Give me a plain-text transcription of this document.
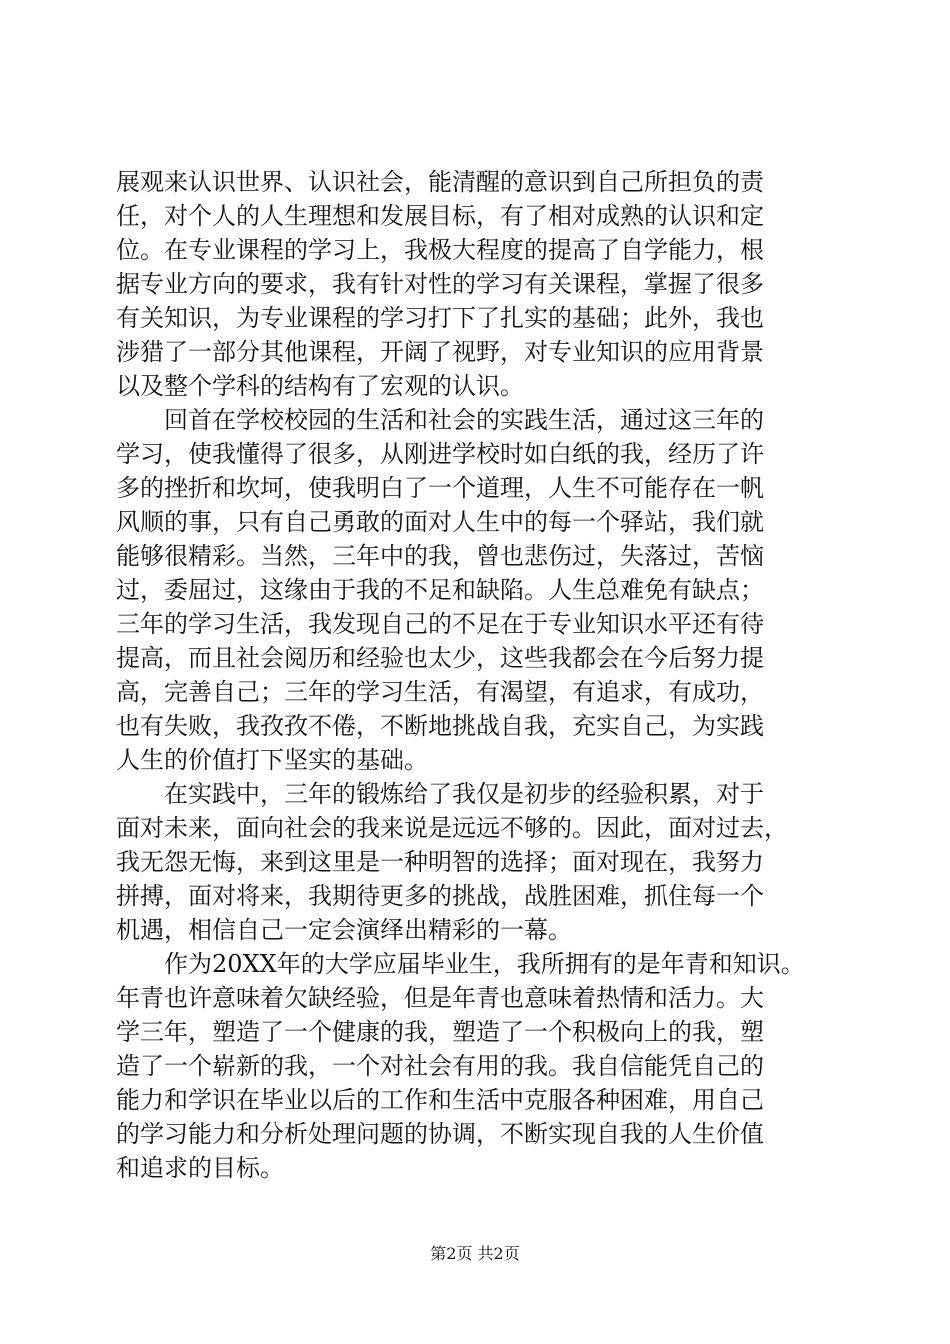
展观来认识世界、认识社会，能清醒的意识到自己所担负的责
任，对个人的人生理想和发展目标，有了相对成熟的认识和定
位。在专业课程的学习上，我极大程度的提高了自学能力，根
据专业方向的要求，我有针对性的学习有关课程，掌握了很多
有关知识，为专业课程的学习打下了扎实的基础；此外，我也
涉猎了一部分其他课程，开阔了视野，对专业知识的应用背景
以及整个学科的结构有了宏观的认识。
回首在学校校园的生活和社会的实践生活，通过这三年的
学习，使我懂得了很多，从刚进学校时如白纸的我，经历了许
多的挫折和坎坷，使我明白了一个道理，人生不可能存在一帆
风顺的事，只有自己勇敢的面对人生中的每一个驿站，我们就
能够很精彩。当然，三年中的我，曾也悲伤过，失落过，苦恼
过，委屈过，这缘由于我的不足和缺陷。人生总难免有缺点；
三年的学习生活，我发现自己的不足在于专业知识水平还有待
提高，而且社会阅历和经验也太少，这些我都会在今后努力提
高，完善自己；三年的学习生活，有渴望，有追求，有成功，
也有失败，我孜孜不倦，不断地挑战自我，充实自己，为实践
人生的价值打下坚实的基础。
在实践中，三年的锻炼给了我仅是初步的经验积累，对于
面对未来，面向社会的我来说是远远不够的。因此，面对过去，
我无怨无悔，来到这里是一种明智的选择；面对现在，我努力
拼搏，面对将来，我期待更多的挑战，战胜困难，抓住每一个
机遇，相信自己一定会演绎出精彩的一幕。
作为20XX年的大学应届毕业生，我所拥有的是年青和知识。
年青也许意味着欠缺经验，但是年青也意味着热情和活力。大
学三年，塑造了一个健康的我，塑造了一个积极向上的我，塑
造了一个崭新的我，一个对社会有用的我。我自信能凭自己的
能力和学识在毕业以后的工作和生活中克服各种困难，用自己
的学习能力和分析处理问题的协调，不断实现自我的人生价值
和追求的目标。
第2页 共2页
